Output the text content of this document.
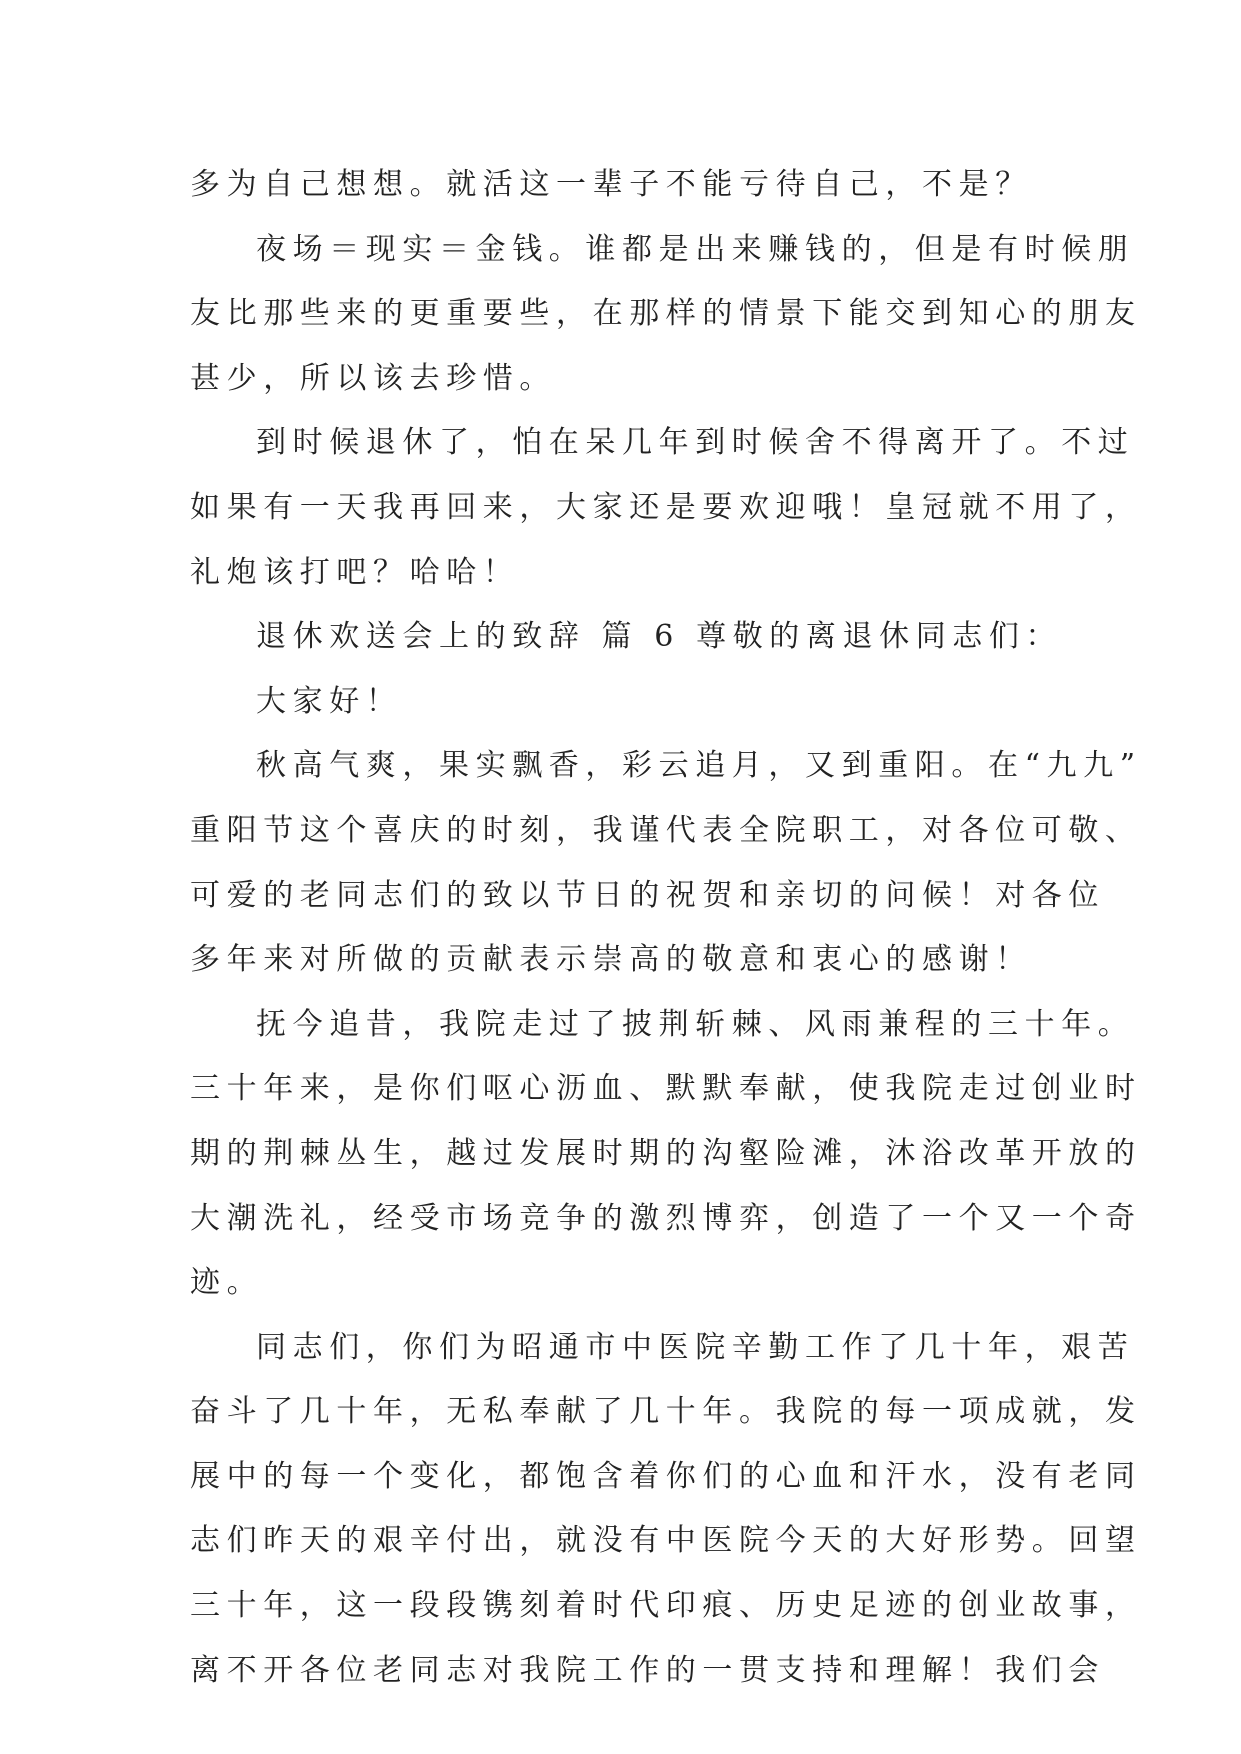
多为自己想想。就活这一辈子不能亏待自己，不是？
夜场＝现实＝金钱。谁都是出来赚钱的，但是有时候朋
友比那些来的更重要些，在那样的情景下能交到知心的朋友
甚少，所以该去珍惜。
到时候退休了，怕在呆几年到时候舍不得离开了。不过
如果有一天我再回来，大家还是要欢迎哦！皇冠就不用了，
礼炮该打吧？哈哈！
退休欢送会上的致辞 篇 6 尊敬的离退休同志们：
大家好！
秋高气爽，果实飘香，彩云追月，又到重阳。在“九九”
重阳节这个喜庆的时刻，我谨代表全院职工，对各位可敬、
可爱的老同志们的致以节日的祝贺和亲切的问候！对各位
多年来对所做的贡献表示崇高的敬意和衷心的感谢！
抚今追昔，我院走过了披荆斩棘、风雨兼程的三十年。
三十年来，是你们呕心沥血、默默奉献，使我院走过创业时
期的荆棘丛生，越过发展时期的沟壑险滩，沐浴改革开放的
大潮洗礼，经受市场竞争的激烈博弈，创造了一个又一个奇
迹。
同志们，你们为昭通市中医院辛勤工作了几十年，艰苦
奋斗了几十年，无私奉献了几十年。我院的每一项成就，发
展中的每一个变化，都饱含着你们的心血和汗水，没有老同
志们昨天的艰辛付出，就没有中医院今天的大好形势。回望
三十年，这一段段镌刻着时代印痕、历史足迹的创业故事，
离不开各位老同志对我院工作的一贯支持和理解！我们会
